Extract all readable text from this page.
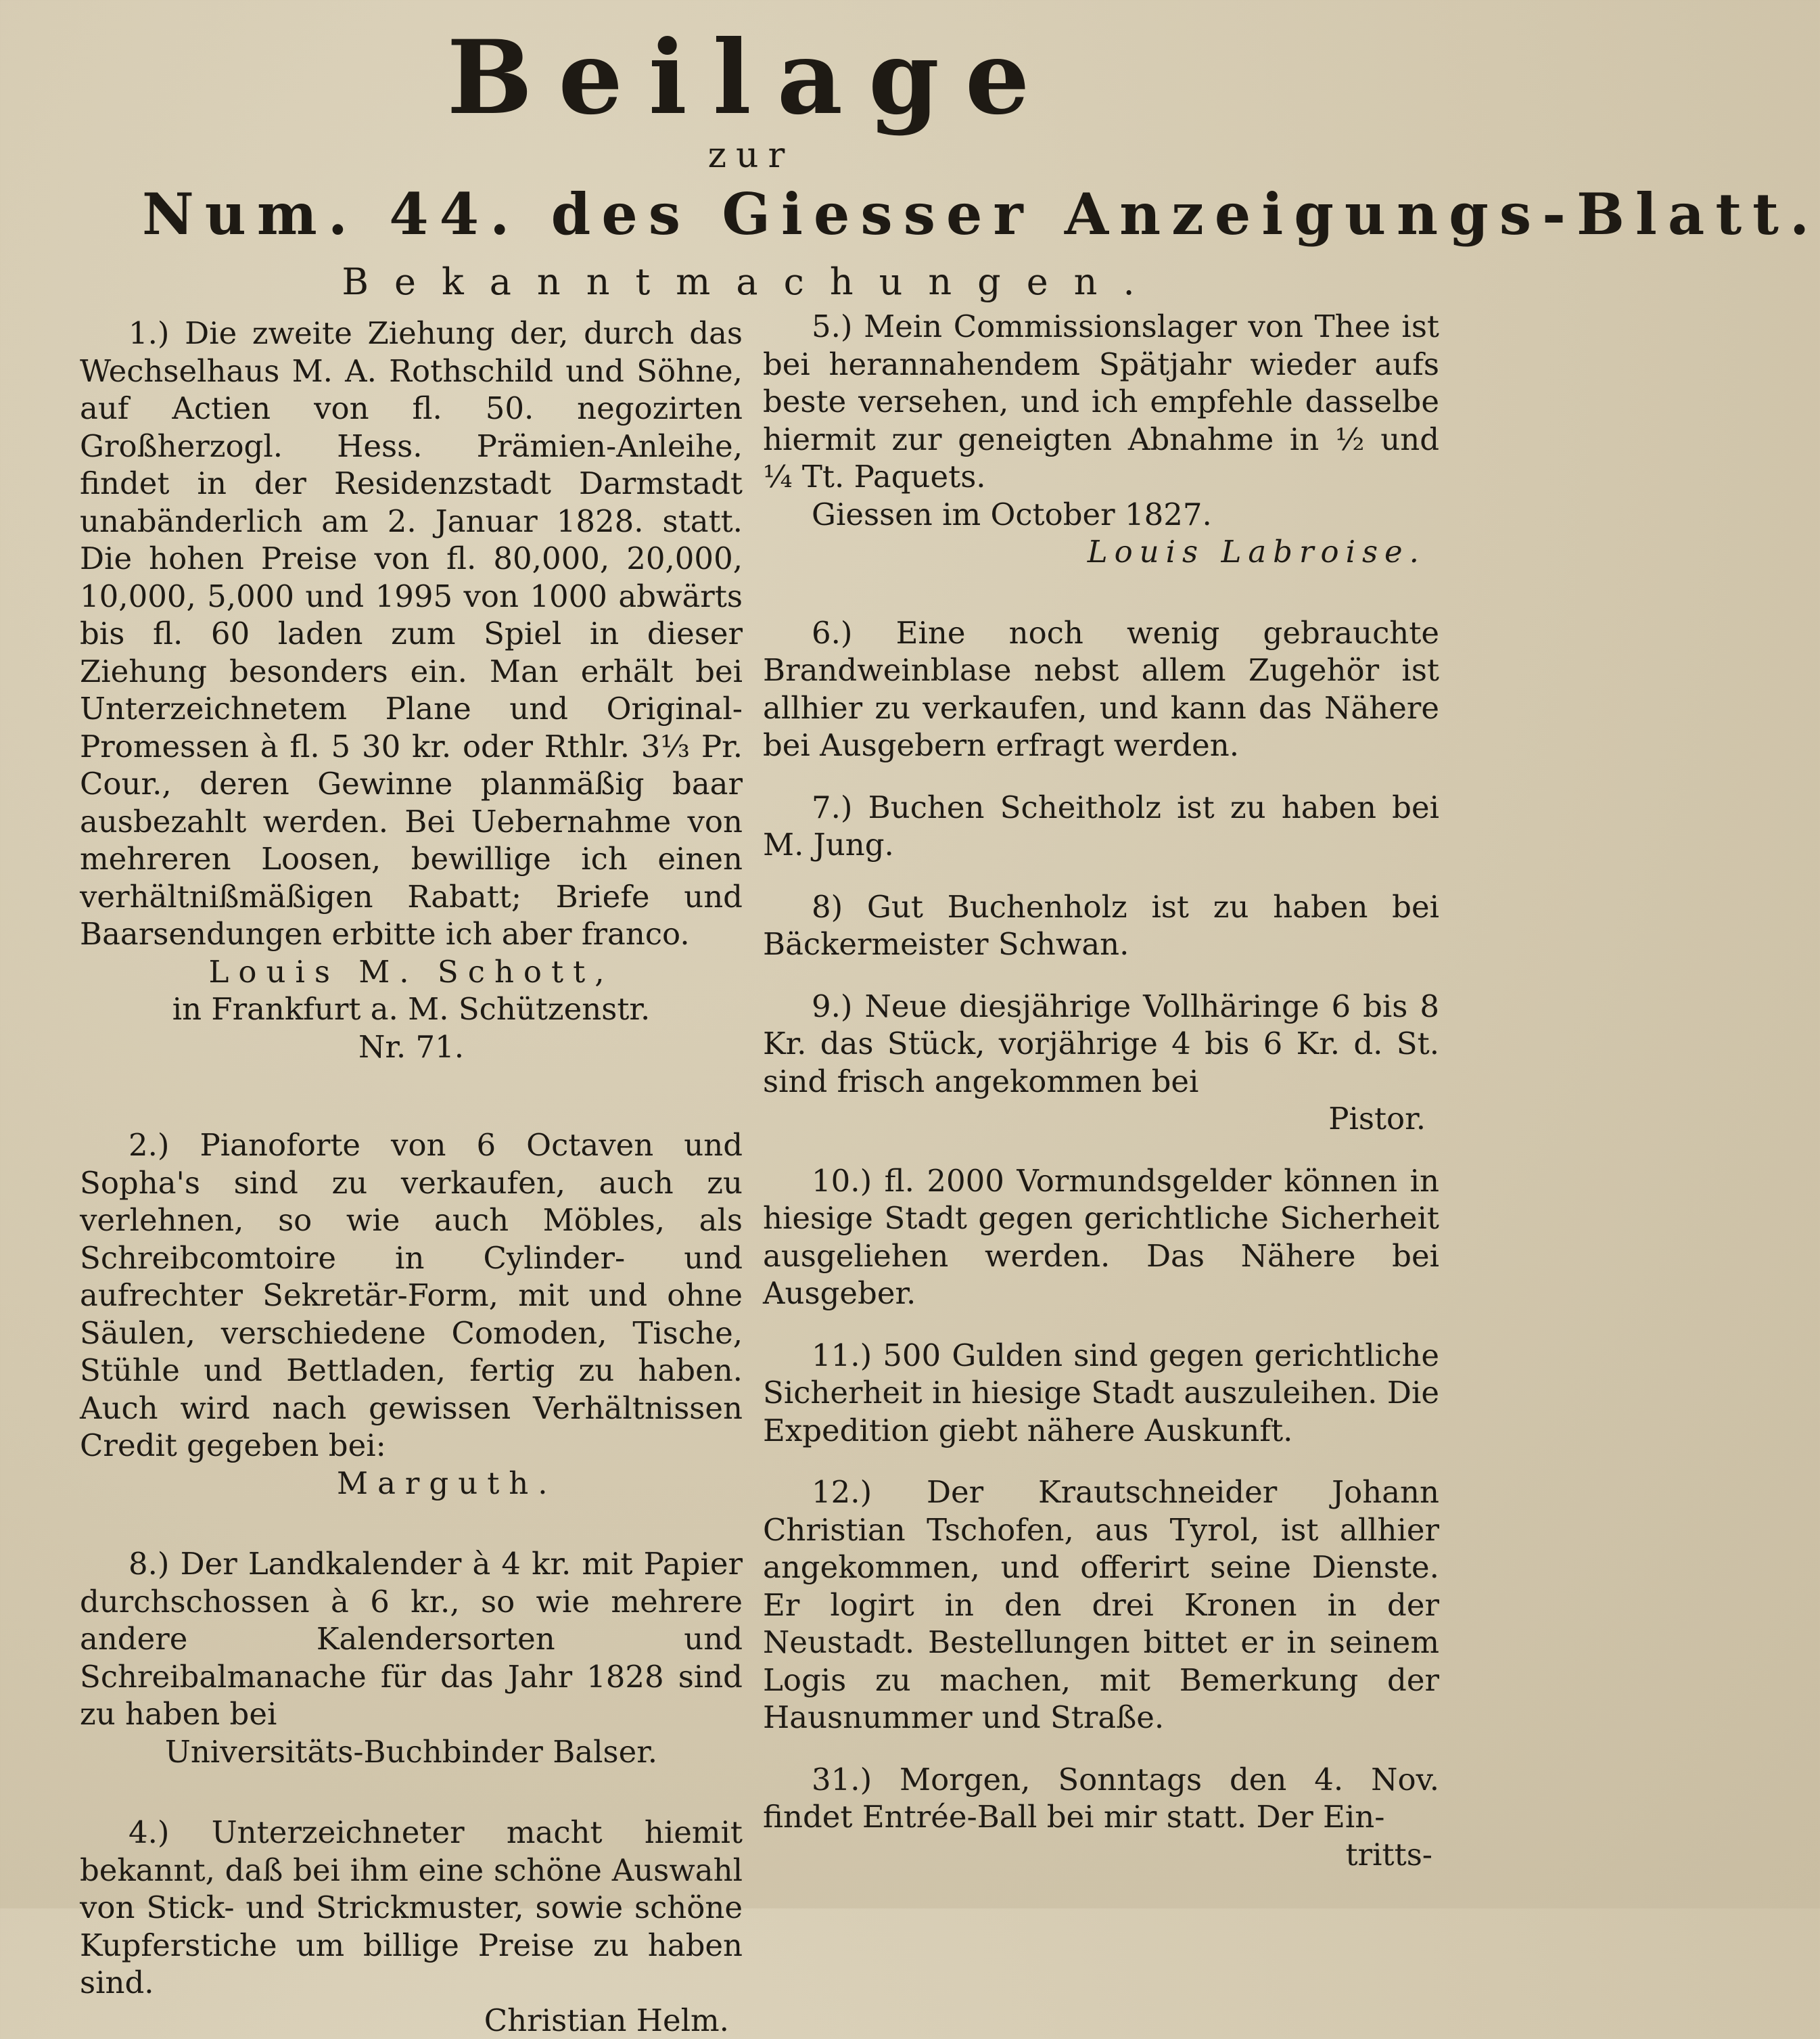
Beilage
zur
Num. 44. des Giesser Anzeigungs-Blatt.
Bekanntmachungen.

1.) Die zweite Ziehung der, durch das Wechselhaus M. A. Rothschild und Söhne, auf Actien von fl. 50. negozirten Großherzogl. Hess. Prämien-Anleihe, findet in der Residenzstadt Darmstadt unabänderlich am 2. Januar 1828. statt. Die hohen Preise von fl. 80,000, 20,000, 10,000, 5,000 und 1995 von 1000 abwärts bis fl. 60 laden zum Spiel in dieser Ziehung besonders ein. Man erhält bei Unterzeichnetem Plane und Original-Promessen à fl. 5 30 kr. oder Rthlr. 3⅓ Pr. Cour., deren Gewinne planmäßig baar ausbezahlt werden. Bei Uebernahme von mehreren Loosen, bewillige ich einen verhältnißmäßigen Rabatt; Briefe und Baarsendungen erbitte ich aber franco.

Louis M. Schott,

in Frankfurt a. M. Schützenstr.

Nr. 71.

2.) Pianoforte von 6 Octaven und Sopha's sind zu verkaufen, auch zu verlehnen, so wie auch Möbles, als Schreibcomtoire in Cylinder- und aufrechter Sekretär-Form, mit und ohne Säulen, verschiedene Comoden, Tische, Stühle und Bettladen, fertig zu haben. Auch wird nach gewissen Verhältnissen Credit gegeben bei:

Marguth.

8.) Der Landkalender à 4 kr. mit Papier durchschossen à 6 kr., so wie mehrere andere Kalendersorten und Schreibalmanache für das Jahr 1828 sind zu haben bei

Universitäts-Buchbinder Balser.

4.) Unterzeichneter macht hiemit bekannt, daß bei ihm eine schöne Auswahl von Stick- und Strickmuster, sowie schöne Kupferstiche um billige Preise zu haben sind.

Christian Helm.

5.) Mein Commissionslager von Thee ist bei herannahendem Spätjahr wieder aufs beste versehen, und ich empfehle dasselbe hiermit zur geneigten Abnahme in ½ und ¼ Tt. Paquets.

Giessen im October 1827.

Louis Labroise.

6.) Eine noch wenig gebrauchte Brandweinblase nebst allem Zugehör ist allhier zu verkaufen, und kann das Nähere bei Ausgebern erfragt werden.

7.) Buchen Scheitholz ist zu haben bei M. Jung.

8) Gut Buchenholz ist zu haben bei Bäckermeister Schwan.

9.) Neue diesjährige Vollhäringe 6 bis 8 Kr. das Stück, vorjährige 4 bis 6 Kr. d. St. sind frisch angekommen bei

Pistor.

10.) fl. 2000 Vormundsgelder können in hiesige Stadt gegen gerichtliche Sicherheit ausgeliehen werden. Das Nähere bei Ausgeber.

11.) 500 Gulden sind gegen gerichtliche Sicherheit in hiesige Stadt auszuleihen. Die Expedition giebt nähere Auskunft.

12.) Der Krautschneider Johann Christian Tschofen, aus Tyrol, ist allhier angekommen, und offerirt seine Dienste. Er logirt in den drei Kronen in der Neustadt. Bestellungen bittet er in seinem Logis zu machen, mit Bemerkung der Hausnummer und Straße.

31.) Morgen, Sonntags den 4. Nov. findet Entrée-Ball bei mir statt. Der Ein-

tritts-
